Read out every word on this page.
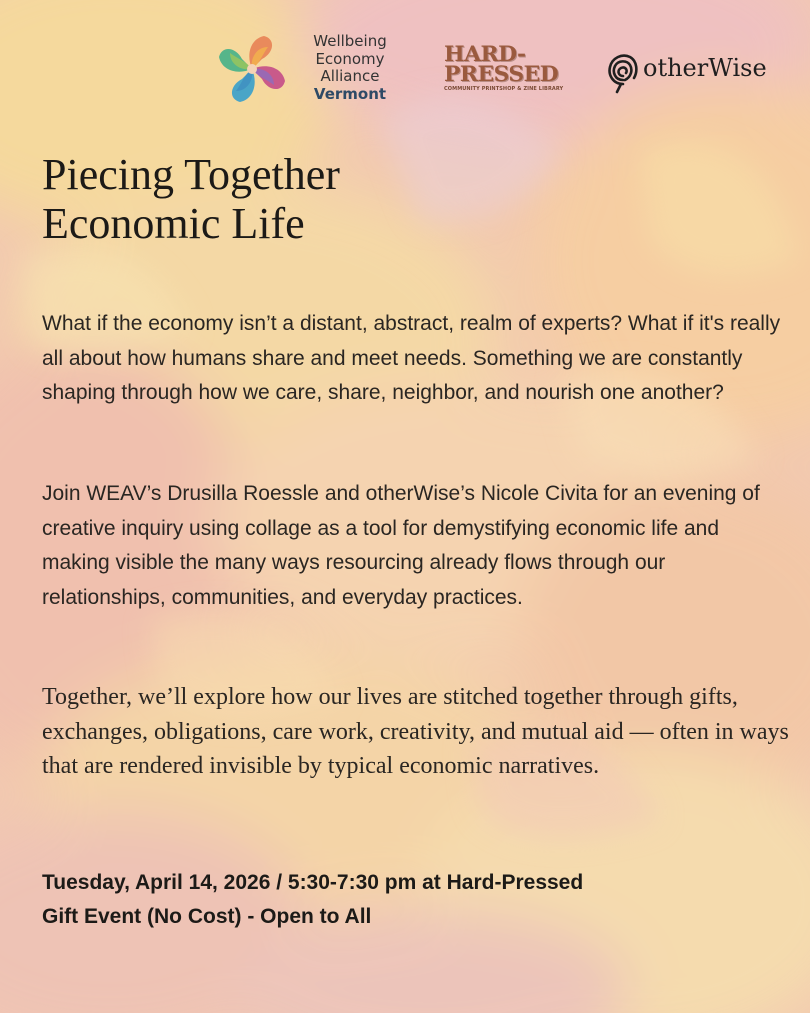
Wellbeing
Economy
Alliance
Vermont
HARD-
PRESSED
COMMUNITY PRINTSHOP & ZINE LIBRARY
otherWise
Piecing Together
Economic Life

What if the economy isn’t a distant, abstract, realm of experts? What if it's really all about how humans share and meet needs. Something we are constantly shaping through how we care, share, neighbor, and nourish one another?

Join WEAV’s Drusilla Roessle and otherWise’s Nicole Civita for an evening of creative inquiry using collage as a tool for demystifying economic life and making visible the many ways resourcing already flows through our relationships, communities, and everyday practices.

Together, we’ll explore how our lives are stitched together through gifts, exchanges, obligations, care work, creativity, and mutual aid — often in ways that are rendered invisible by typical economic narratives.

Tuesday, April 14, 2026 / 5:30-7:30 pm at Hard-Pressed
Gift Event (No Cost) - Open to All
